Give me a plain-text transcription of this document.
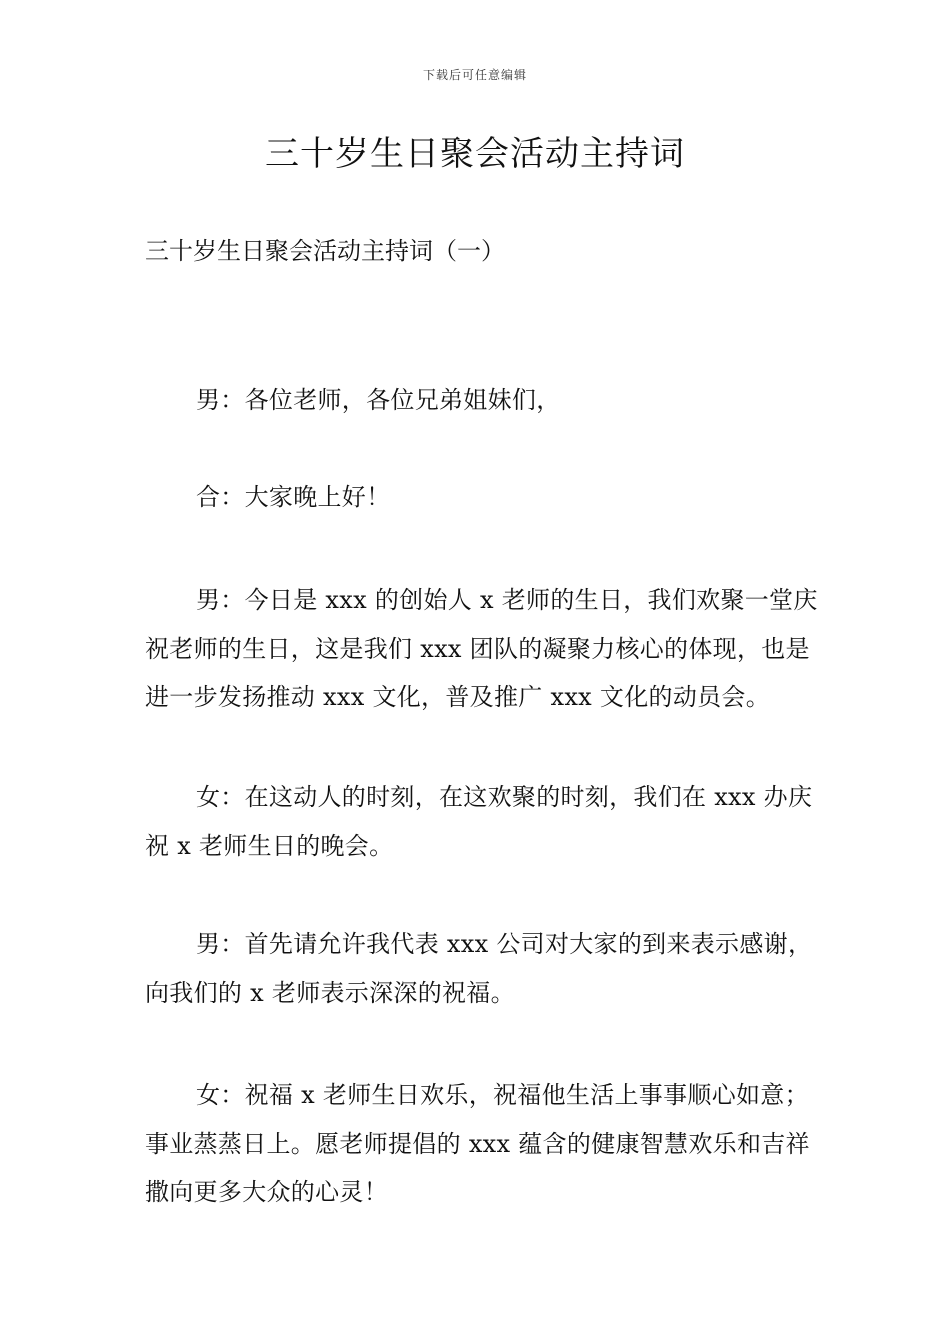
下载后可任意编辑
三十岁生日聚会活动主持词

三十岁生日聚会活动主持词（一）

男：各位老师，各位兄弟姐妹们，

合：大家晚上好！

男：今日是 xxx 的创始人 x 老师的生日，我们欢聚一堂庆祝老师的生日，这是我们 xxx 团队的凝聚力核心的体现，也是进一步发扬推动 xxx 文化，普及推广 xxx 文化的动员会。

女：在这动人的时刻，在这欢聚的时刻，我们在 xxx 办庆祝 x 老师生日的晚会。

男：首先请允许我代表 xxx 公司对大家的到来表示感谢，向我们的 x 老师表示深深的祝福。

女：祝福 x 老师生日欢乐，祝福他生活上事事顺心如意；事业蒸蒸日上。愿老师提倡的 xxx 蕴含的健康智慧欢乐和吉祥撒向更多大众的心灵！
